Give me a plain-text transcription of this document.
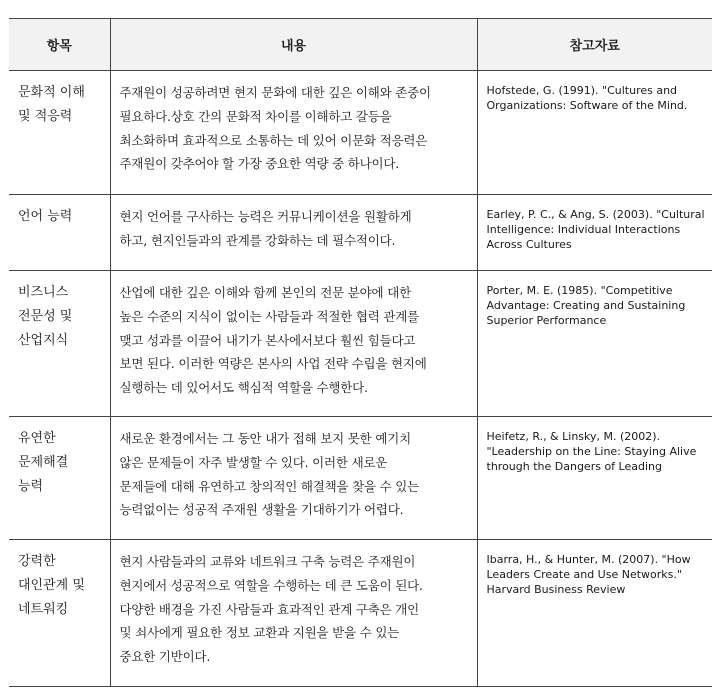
항목	내용	참고자료

문화적 이해
및 적응력	주재원이 성공하려면 현지 문화에 대한 깊은 이해와 존중이
필요하다.상호 간의 문화적 차이를 이해하고 갈등을
최소화하며 효과적으로 소통하는 데 있어 이문화 적응력은
주재원이 갖추어야 할 가장 중요한 역량 중 하나이다.	Hofstede, G. (1991). "Cultures and
Organizations: Software of the Mind.

언어 능력	현지 언어를 구사하는 능력은 커뮤니케이션을 원활하게
하고, 현지인들과의 관계를 강화하는 데 필수적이다.	Earley, P. C., & Ang, S. (2003). "Cultural
Intelligence: Individual Interactions
Across Cultures

비즈니스
전문성 및
산업지식	산업에 대한 깊은 이해와 함께 본인의 전문 분야에 대한
높은 수준의 지식이 없이는 사람들과 적절한 협력 관계를
맺고 성과를 이끌어 내기가 본사에서보다 훨씬 힘들다고
보면 된다. 이러한 역량은 본사의 사업 전략 수립을 현지에
실행하는 데 있어서도 핵심적 역할을 수행한다.	Porter, M. E. (1985). "Competitive
Advantage: Creating and Sustaining
Superior Performance

유연한
문제해결
능력	새로운 환경에서는 그 동안 내가 접해 보지 못한 예기치
않은 문제들이 자주 발생할 수 있다. 이러한 새로운
문제들에 대해 유연하고 창의적인 해결책을 찾을 수 있는
능력없이는 성공적 주재원 생활을 기대하기가 어렵다.	Heifetz, R., & Linsky, M. (2002).
"Leadership on the Line: Staying Alive
through the Dangers of Leading

강력한
대인관계 및
네트워킹	현지 사람들과의 교류와 네트워크 구축 능력은 주재원이
현지에서 성공적으로 역할을 수행하는 데 큰 도움이 된다.
다양한 배경을 가진 사람들과 효과적인 관계 구축은 개인
및 쇠사에게 필요한 정보 교환과 지원을 받을 수 있는
중요한 기반이다.	Ibarra, H., & Hunter, M. (2007). "How
Leaders Create and Use Networks."
Harvard Business Review
